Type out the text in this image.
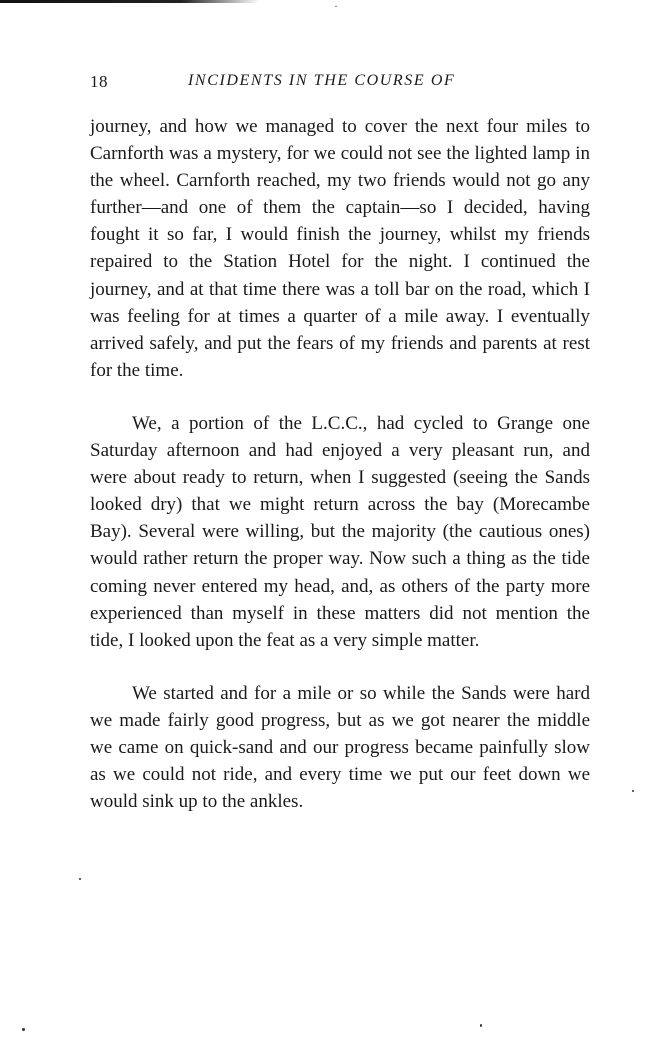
·
18	INCIDENTS IN THE COURSE OF

journey, and how we managed to cover the next four miles to Carnforth was a mystery, for we could not see the lighted lamp in the wheel. Carnforth reached, my two friends would not go any further—and one of them the captain—so I decided, having fought it so far, I would finish the journey, whilst my friends repaired to the Station Hotel for the night. I continued the journey, and at that time there was a toll bar on the road, which I was feeling for at times a quarter of a mile away. I eventually arrived safely, and put the fears of my friends and parents at rest for the time.

We, a portion of the L.C.C., had cycled to Grange one Saturday afternoon and had enjoyed a very pleasant run, and were about ready to return, when I suggested (seeing the Sands looked dry) that we might return across the bay (Morecambe Bay). Several were willing, but the majority (the cautious ones) would rather return the proper way. Now such a thing as the tide coming never entered my head, and, as others of the party more experienced than myself in these matters did not mention the tide, I looked upon the feat as a very simple matter.

We started and for a mile or so while the Sands were hard we made fairly good progress, but as we got nearer the middle we came on quick-sand and our progress became painfully slow as we could not ride, and every time we put our feet down we would sink up to the ankles.
